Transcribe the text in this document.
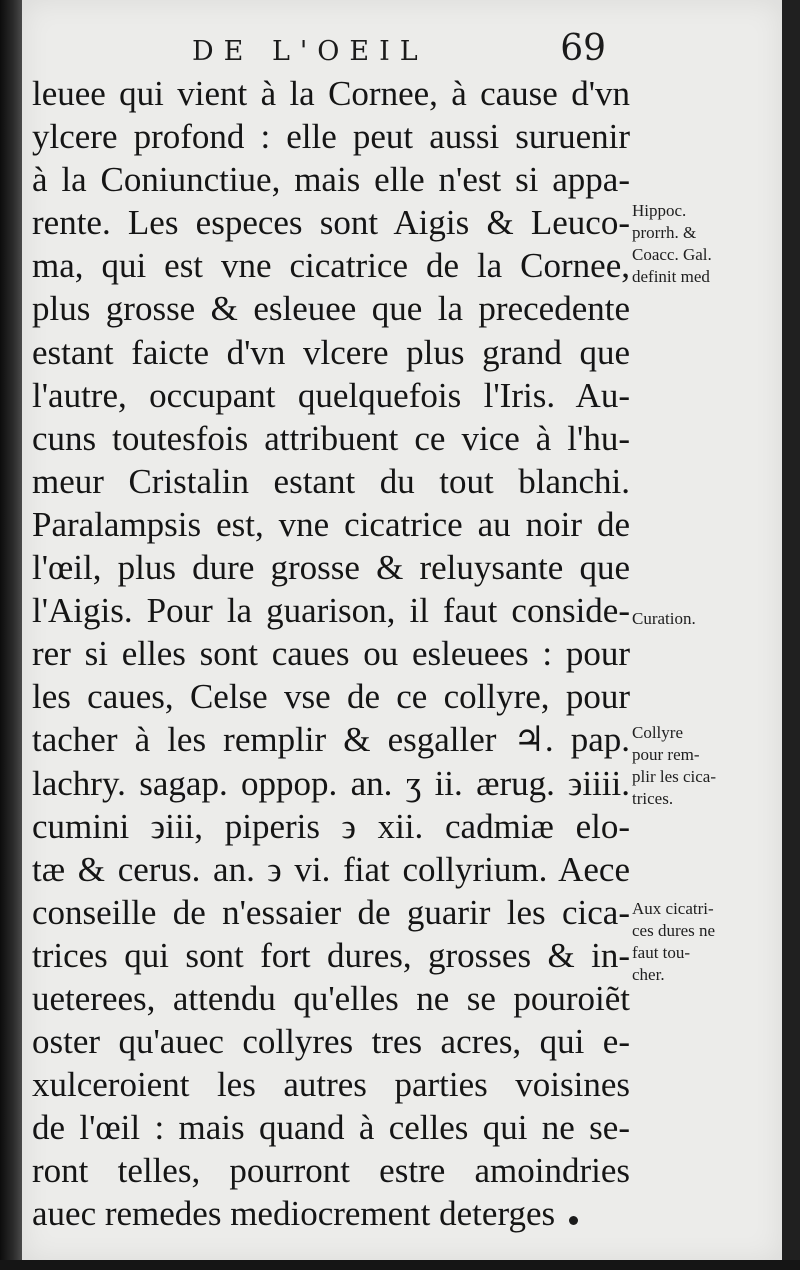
DE L'OEIL	69
leuee qui vient à la Cornee, à cause d'vn
ylcere profond : elle peut aussi suruenir
à la Coniunctiue, mais elle n'est si appa-
rente. Les especes sont Aigis & Leuco-
ma, qui est vne cicatrice de la Cornee,
plus grosse & esleuee que la precedente
estant faicte d'vn vlcere plus grand que
l'autre, occupant quelquefois l'Iris. Au-
cuns toutesfois attribuent ce vice à l'hu-
meur Cristalin estant du tout blanchi.
Paralampsis est, vne cicatrice au noir de
l'œil, plus dure grosse & reluysante que
l'Aigis. Pour la guarison, il faut conside-
rer si elles sont caues ou esleuees : pour
les caues, Celse vse de ce collyre, pour
tacher à les remplir & esgaller ♃. pap.
lachry. sagap. oppop. an. ʒ ii. ærug. ϶iiii.
cumini ϶iii, piperis ϶ xii. cadmiæ elo-
tæ & cerus. an. ϶ vi. fiat collyrium. Aece
conseille de n'essaier de guarir les cica-
trices qui sont fort dures, grosses & in-
ueterees, attendu qu'elles ne se pouroiẽt
oster qu'auec collyres tres acres, qui e-
xulceroient les autres parties voisines
de l'œil : mais quand à celles qui ne se-
ront telles, pourront estre amoindries
auec remedes mediocrement deterges
Hippoc.
prorrh. &
Coacc. Gal.
definit med
Curation.
Collyre
pour rem-
plir les cica-
trices.
Aux cicatri-
ces dures ne
faut tou-
cher.
